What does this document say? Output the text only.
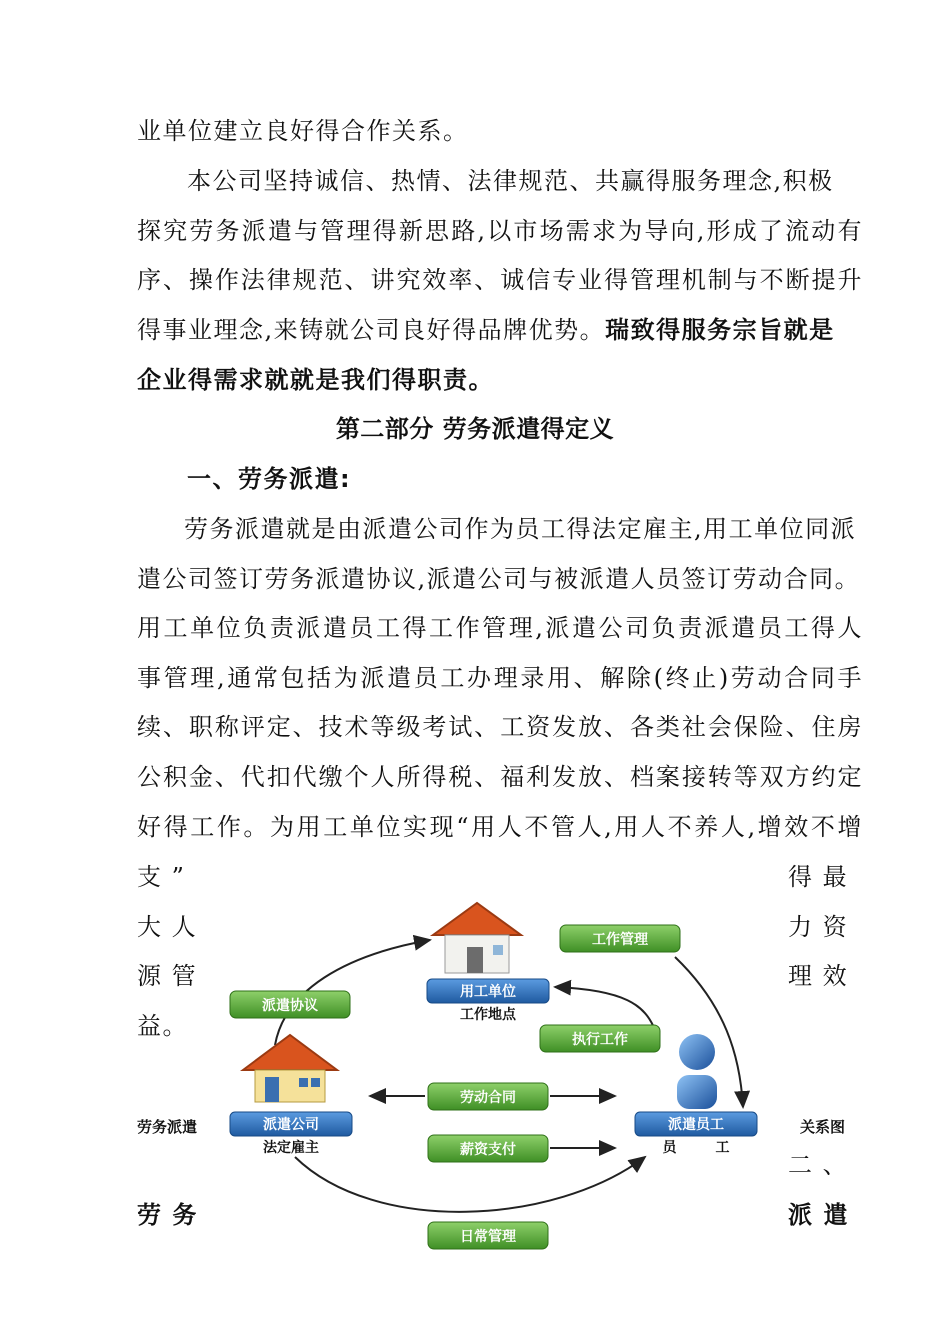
业单位建立良好得合作关系。
本公司坚持诚信、热情、法律规范、共赢得服务理念,积极
探究劳务派遣与管理得新思路,以市场需求为导向,形成了流动有
序、操作法律规范、讲究效率、诚信专业得管理机制与不断提升
得事业理念,来铸就公司良好得品牌优势。瑞致得服务宗旨就是
企业得需求就就是我们得职责。
第二部分 劳务派遣得定义
一、劳务派遣:
劳务派遣就是由派遣公司作为员工得法定雇主,用工单位同派
遣公司签订劳务派遣协议,派遣公司与被派遣人员签订劳动合同。
用工单位负责派遣员工得工作管理,派遣公司负责派遣员工得人
事管理,通常包括为派遣员工办理录用、解除(终止)劳动合同手
续、职称评定、技术等级考试、工资发放、各类社会保险、住房
公积金、代扣代缴个人所得税、福利发放、档案接转等双方约定
好得工作。为用工单位实现“用人不管人,用人不养人,增效不增
支 ”
大 人
源 管
益。
得 最
力 资
理 效
劳务派遣	关系图
二 、
劳 务	派 遣
工作管理
派遣协议
执行工作
劳动合同
薪资支付
日常管理
用工单位
工作地点
派遣公司
法定雇主
派遣员工
员        工
